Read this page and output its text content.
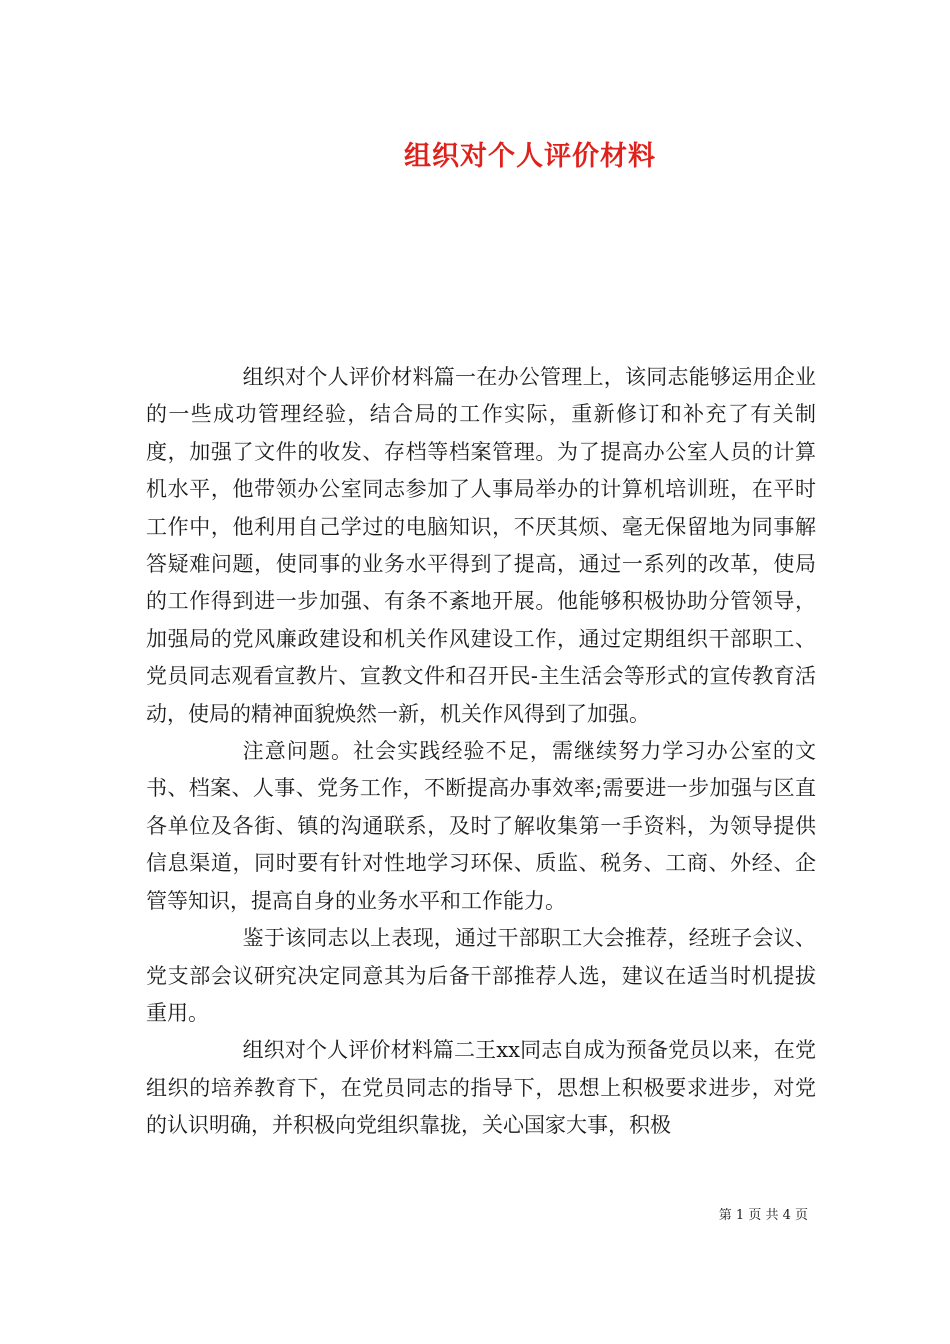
组织对个人评价材料

组织对个人评价材料篇一在办公管理上，该同志能够运用企业的一些成功管理经验，结合局的工作实际，重新修订和补充了有关制度，加强了文件的收发、存档等档案管理。为了提高办公室人员的计算机水平，他带领办公室同志参加了人事局举办的计算机培训班，在平时工作中，他利用自己学过的电脑知识，不厌其烦、毫无保留地为同事解答疑难问题，使同事的业务水平得到了提高，通过一系列的改革，使局的工作得到进一步加强、有条不紊地开展。他能够积极协助分管领导，加强局的党风廉政建设和机关作风建设工作，通过定期组织干部职工、党员同志观看宣教片、宣教文件和召开民-主生活会等形式的宣传教育活动，使局的精神面貌焕然一新，机关作风得到了加强。

注意问题。社会实践经验不足，需继续努力学习办公室的文书、档案、人事、党务工作，不断提高办事效率;需要进一步加强与区直各单位及各街、镇的沟通联系，及时了解收集第一手资料，为领导提供信息渠道，同时要有针对性地学习环保、质监、税务、工商、外经、企管等知识，提高自身的业务水平和工作能力。

鉴于该同志以上表现，通过干部职工大会推荐，经班子会议、党支部会议研究决定同意其为后备干部推荐人选，建议在适当时机提拔重用。

组织对个人评价材料篇二王xx同志自成为预备党员以来，在党组织的培养教育下，在党员同志的指导下，思想上积极要求进步，对党的认识明确，并积极向党组织靠拢，关心国家大事，积极

第 1 页 共 4 页
